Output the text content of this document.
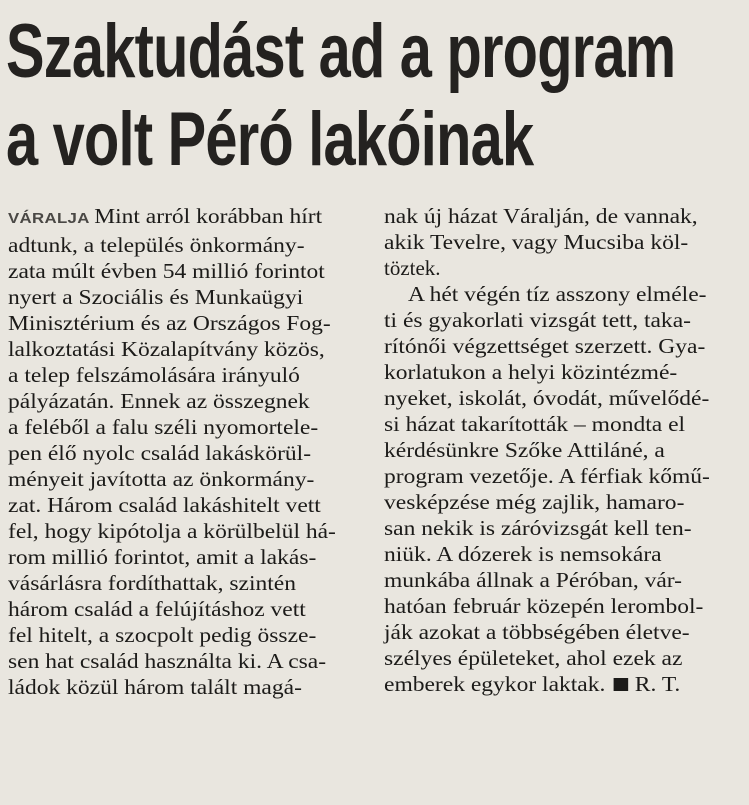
Szaktudást ad a program
a volt Péró lakóinak
VÁRALJA Mint arról korábban hírt
adtunk, a település önkormány-
zata múlt évben 54 millió forintot
nyert a Szociális és Munkaügyi
Minisztérium és az Országos Fog-
lalkoztatási Közalapítvány közös,
a telep felszámolására irányuló
pályázatán. Ennek az összegnek
a feléből a falu széli nyomortele-
pen élő nyolc család lakáskörül-
ményeit javította az önkormány-
zat. Három család lakáshitelt vett
fel, hogy kipótolja a körülbelül há-
rom millió forintot, amit a lakás-
vásárlásra fordíthattak, szintén
három család a felújításhoz vett
fel hitelt, a szocpolt pedig össze-
sen hat család használta ki. A csa-
ládok közül három talált magá-
nak új házat Váralján, de vannak,
akik Tevelre, vagy Mucsiba köl-
töztek.
A hét végén tíz asszony elméle-
ti és gyakorlati vizsgát tett, taka-
rítónői végzettséget szerzett. Gya-
korlatukon a helyi közintézmé-
nyeket, iskolát, óvodát, művelődé-
si házat takarították – mondta el
kérdésünkre Szőke Attiláné, a
program vezetője. A férfiak kőmű-
vesképzése még zajlik, hamaro-
san nekik is záróvizsgát kell ten-
niük. A dózerek is nemsokára
munkába állnak a Péróban, vár-
hatóan február közepén lerombol-
ják azokat a többségében életve-
szélyes épületeket, ahol ezek az
emberek egykor laktak. R. T.
